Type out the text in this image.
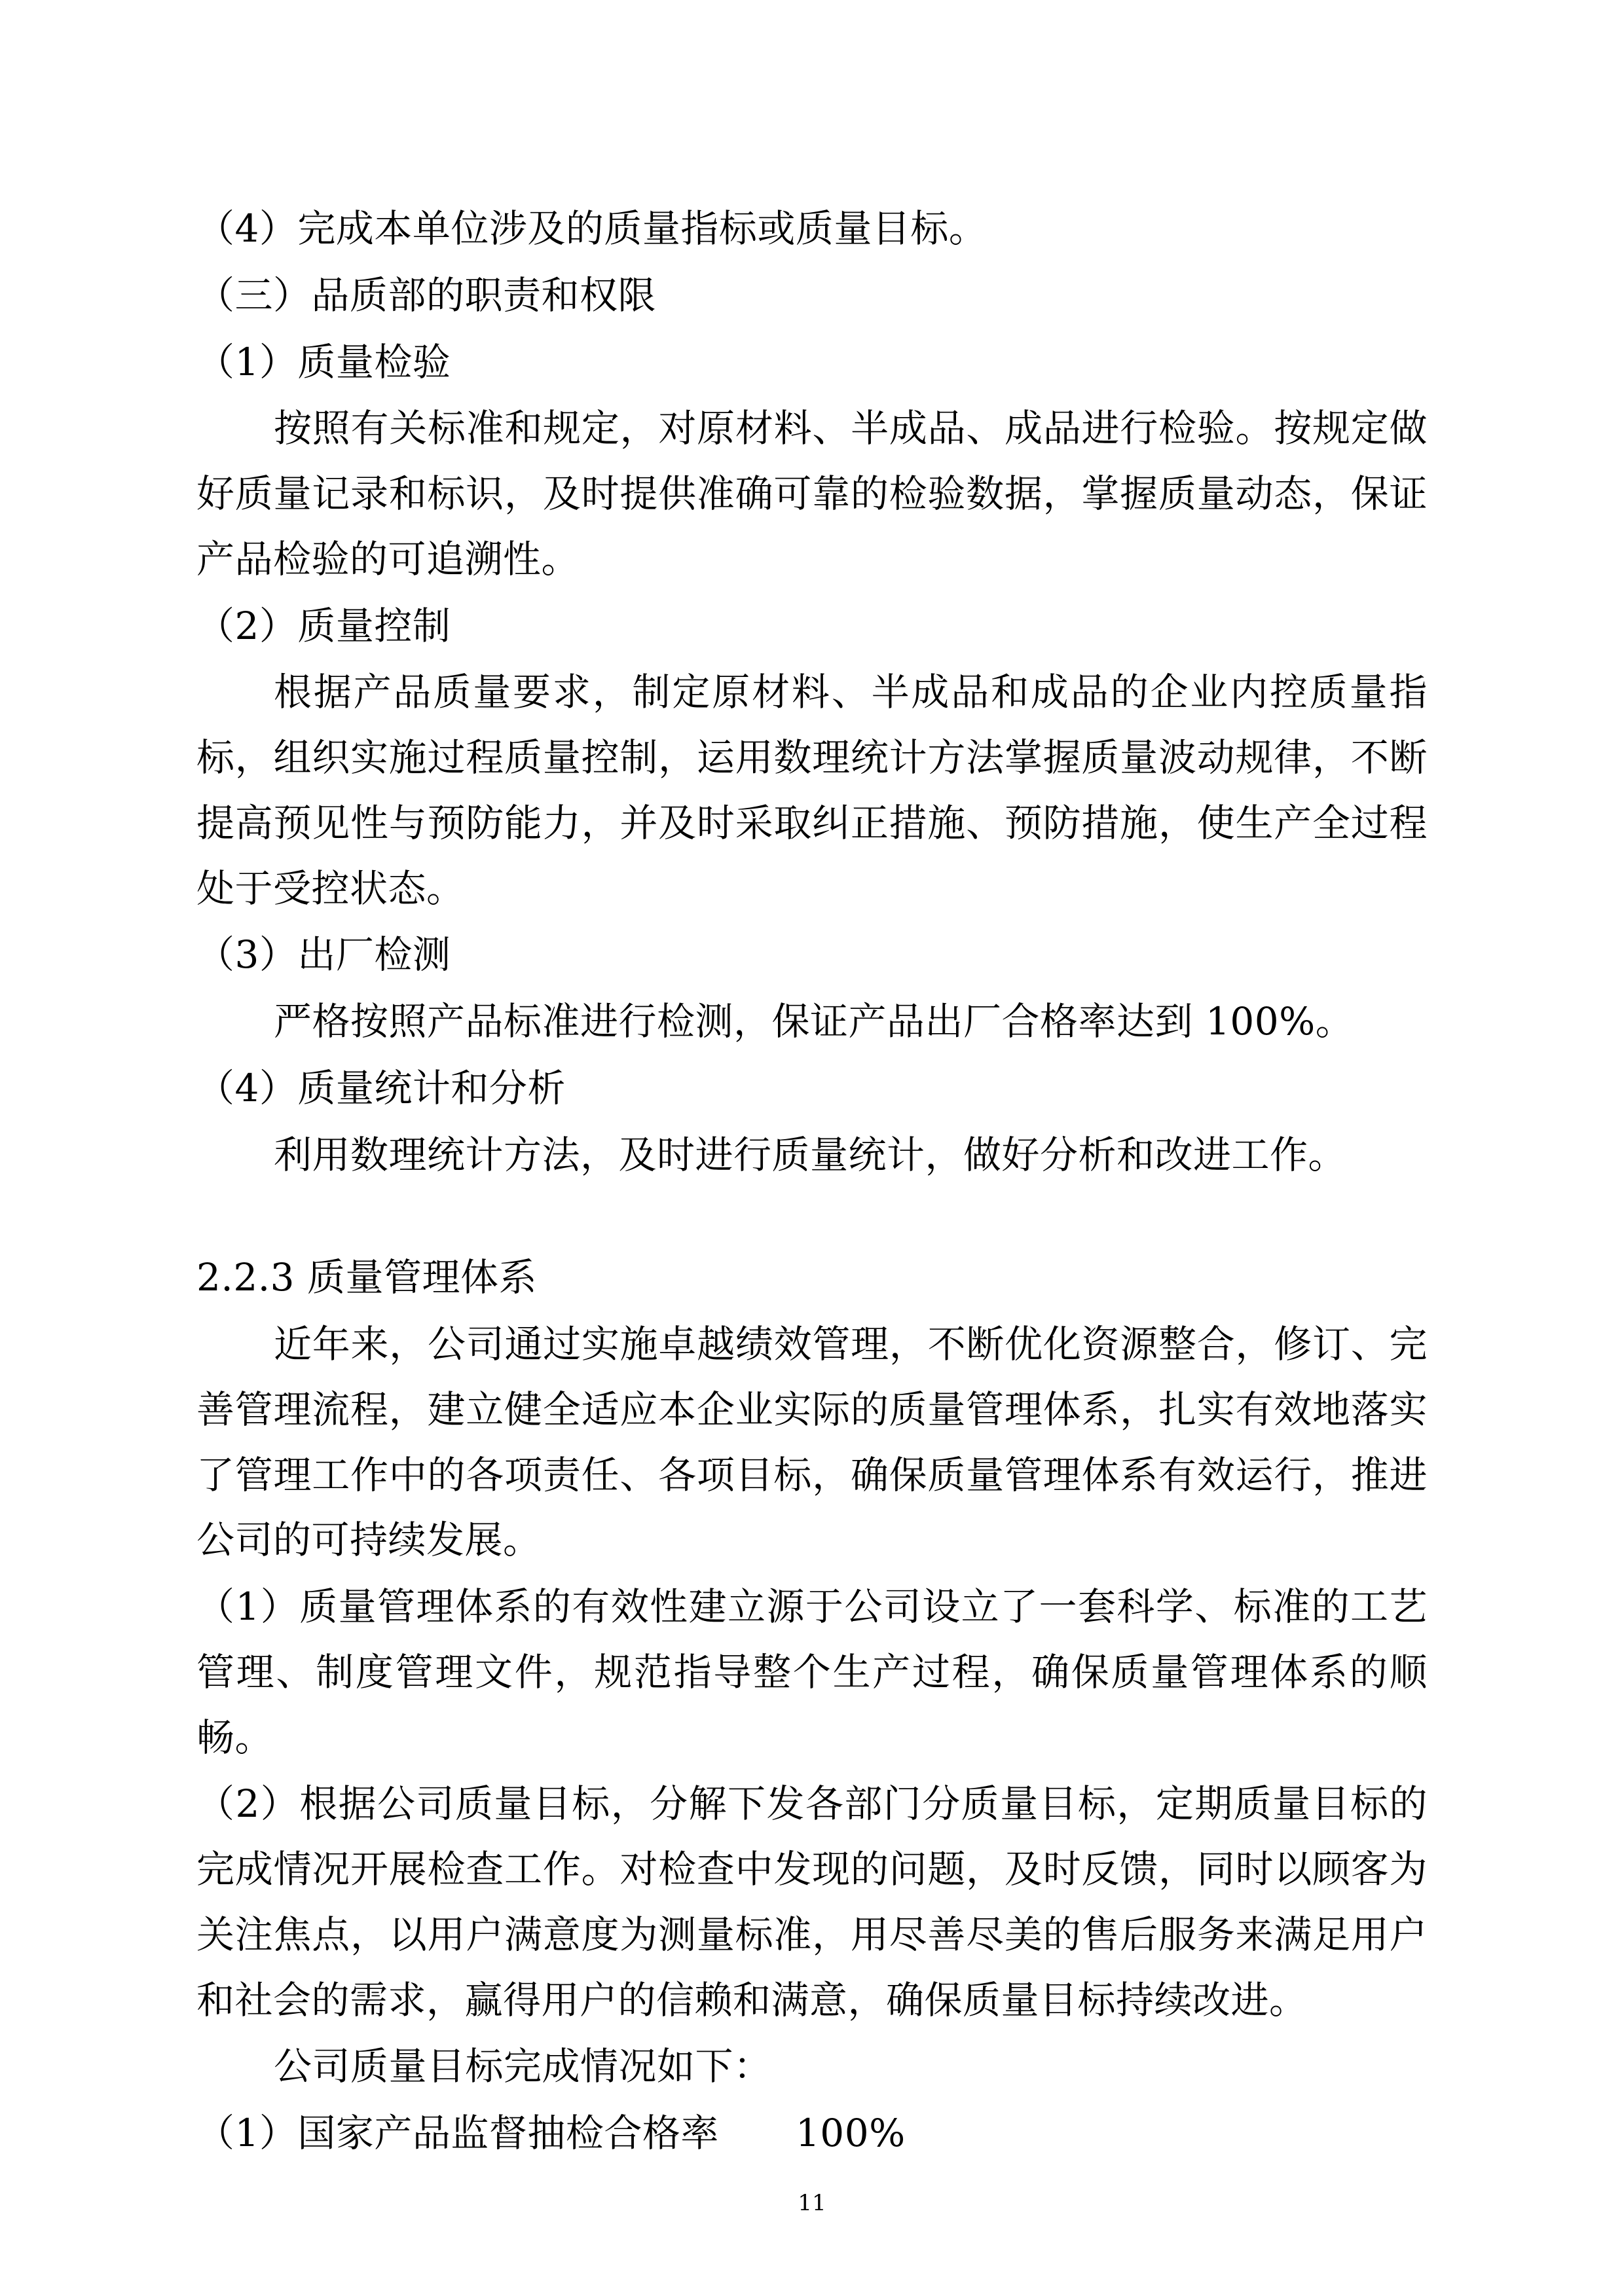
（4）完成本单位涉及的质量指标或质量目标。

（三）品质部的职责和权限

（1）质量检验

按照有关标准和规定，对原材料、半成品、成品进行检验。按规定做好质量记录和标识，及时提供准确可靠的检验数据，掌握质量动态，保证产品检验的可追溯性。

（2）质量控制

根据产品质量要求，制定原材料、半成品和成品的企业内控质量指标，组织实施过程质量控制，运用数理统计方法掌握质量波动规律，不断提高预见性与预防能力，并及时采取纠正措施、预防措施，使生产全过程处于受控状态。

（3）出厂检测

严格按照产品标准进行检测，保证产品出厂合格率达到 100%。

（4）质量统计和分析

利用数理统计方法，及时进行质量统计，做好分析和改进工作。

2.2.3 质量管理体系

近年来，公司通过实施卓越绩效管理，不断优化资源整合，修订、完善管理流程，建立健全适应本企业实际的质量管理体系，扎实有效地落实了管理工作中的各项责任、各项目标，确保质量管理体系有效运行，推进公司的可持续发展。

（1）质量管理体系的有效性建立源于公司设立了一套科学、标准的工艺管理、制度管理文件，规范指导整个生产过程，确保质量管理体系的顺畅。

（2）根据公司质量目标，分解下发各部门分质量目标，定期质量目标的完成情况开展检查工作。对检查中发现的问题，及时反馈，同时以顾客为关注焦点，以用户满意度为测量标准，用尽善尽美的售后服务来满足用户和社会的需求，赢得用户的信赖和满意，确保质量目标持续改进。

公司质量目标完成情况如下：

（1）国家产品监督抽检合格率　　100%

11
